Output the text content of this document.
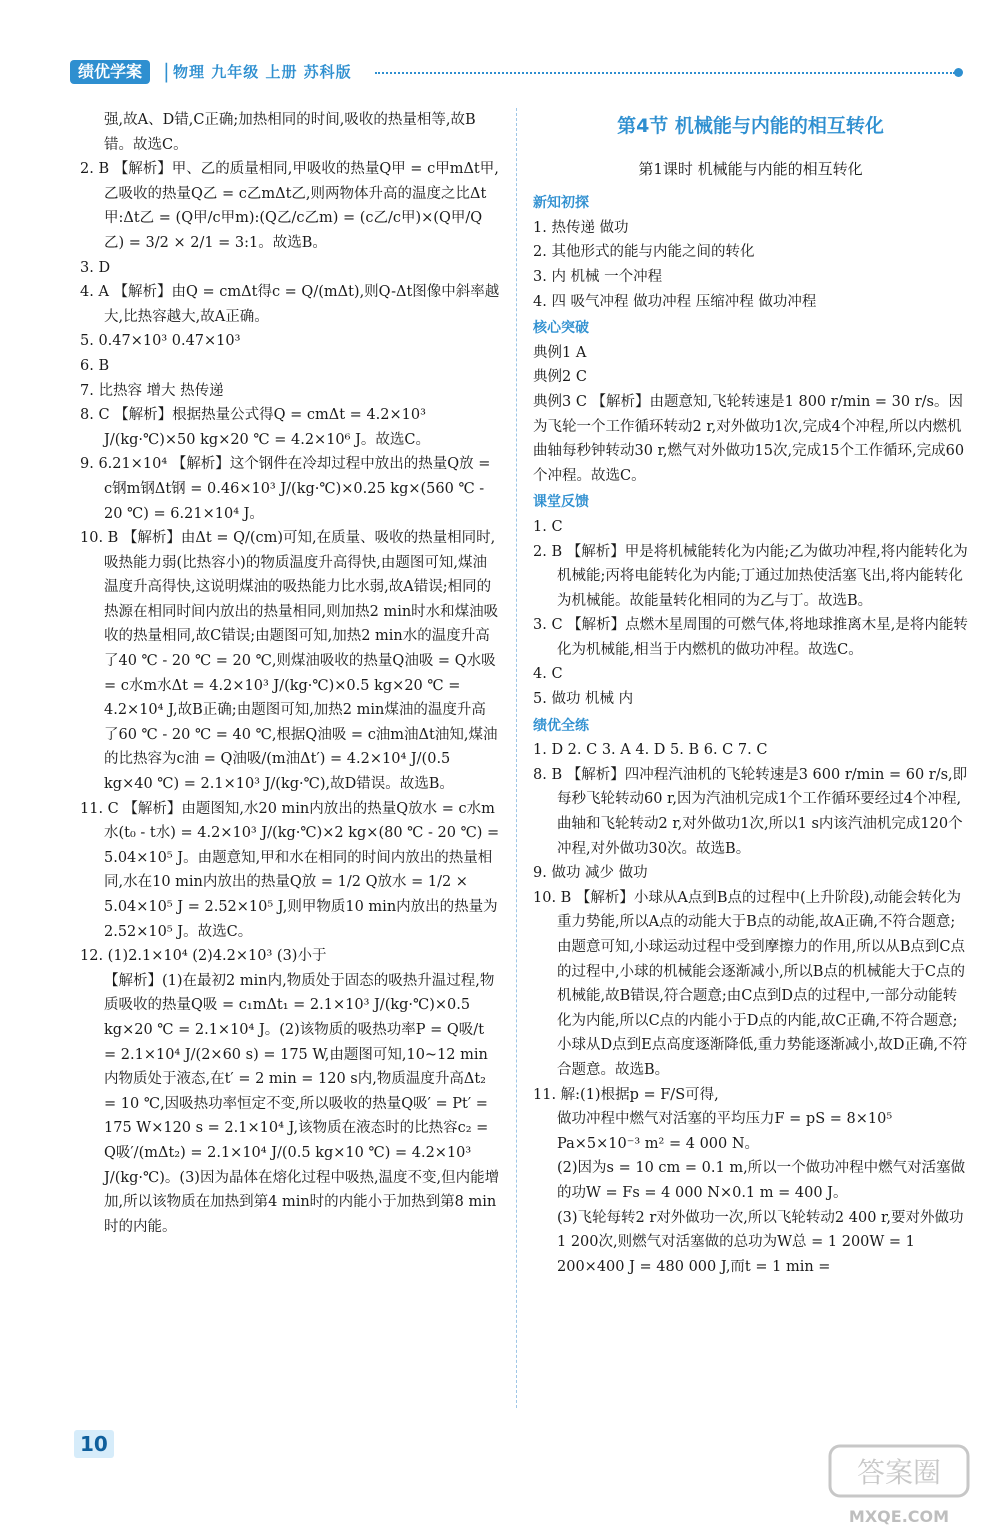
绩优学案	| 物理 九年级 上册 苏科版

强,故A、D错,C正确;加热相同的时间,吸收的热量相等,故B错。故选C。

2. B 【解析】甲、乙的质量相同,甲吸收的热量Q甲 = c甲mΔt甲,乙吸收的热量Q乙 = c乙mΔt乙,则两物体升高的温度之比Δt甲:Δt乙 = (Q甲/c甲m):(Q乙/c乙m) = (c乙/c甲)×(Q甲/Q乙) = 3/2 × 2/1 = 3:1。故选B。

3. D

4. A 【解析】由Q = cmΔt得c = Q/(mΔt),则Q-Δt图像中斜率越大,比热容越大,故A正确。

5. 0.47×10³ 0.47×10³

6. B

7. 比热容 增大 热传递

8. C 【解析】根据热量公式得Q = cmΔt = 4.2×10³ J/(kg·℃)×50 kg×20 ℃ = 4.2×10⁶ J。故选C。

9. 6.21×10⁴ 【解析】这个钢件在冷却过程中放出的热量Q放 = c钢m钢Δt钢 = 0.46×10³ J/(kg·℃)×0.25 kg×(560 ℃ - 20 ℃) = 6.21×10⁴ J。

10. B 【解析】由Δt = Q/(cm)可知,在质量、吸收的热量相同时,吸热能力弱(比热容小)的物质温度升高得快,由题图可知,煤油温度升高得快,这说明煤油的吸热能力比水弱,故A错误;相同的热源在相同时间内放出的热量相同,则加热2 min时水和煤油吸收的热量相同,故C错误;由题图可知,加热2 min水的温度升高了40 ℃ - 20 ℃ = 20 ℃,则煤油吸收的热量Q油吸 = Q水吸 = c水m水Δt = 4.2×10³ J/(kg·℃)×0.5 kg×20 ℃ = 4.2×10⁴ J,故B正确;由题图可知,加热2 min煤油的温度升高了60 ℃ - 20 ℃ = 40 ℃,根据Q油吸 = c油m油Δt油知,煤油的比热容为c油 = Q油吸/(m油Δt′) = 4.2×10⁴ J/(0.5 kg×40 ℃) = 2.1×10³ J/(kg·℃),故D错误。故选B。

11. C 【解析】由题图知,水20 min内放出的热量Q放水 = c水m水(t₀ - t水) = 4.2×10³ J/(kg·℃)×2 kg×(80 ℃ - 20 ℃) = 5.04×10⁵ J。由题意知,甲和水在相同的时间内放出的热量相同,水在10 min内放出的热量Q放 = 1/2 Q放水 = 1/2 × 5.04×10⁵ J = 2.52×10⁵ J,则甲物质10 min内放出的热量为2.52×10⁵ J。故选C。

12. (1)2.1×10⁴ (2)4.2×10³ (3)小于

【解析】(1)在最初2 min内,物质处于固态的吸热升温过程,物质吸收的热量Q吸 = c₁mΔt₁ = 2.1×10³ J/(kg·℃)×0.5 kg×20 ℃ = 2.1×10⁴ J。(2)该物质的吸热功率P = Q吸/t = 2.1×10⁴ J/(2×60 s) = 175 W,由题图可知,10~12 min内物质处于液态,在t′ = 2 min = 120 s内,物质温度升高Δt₂ = 10 ℃,因吸热功率恒定不变,所以吸收的热量Q吸′ = Pt′ = 175 W×120 s = 2.1×10⁴ J,该物质在液态时的比热容c₂ = Q吸′/(mΔt₂) = 2.1×10⁴ J/(0.5 kg×10 ℃) = 4.2×10³ J/(kg·℃)。(3)因为晶体在熔化过程中吸热,温度不变,但内能增加,所以该物质在加热到第4 min时的内能小于加热到第8 min时的内能。

第4节 机械能与内能的相互转化
第1课时 机械能与内能的相互转化

新知初探

1. 热传递 做功

2. 其他形式的能与内能之间的转化

3. 内 机械 一个冲程

4. 四 吸气冲程 做功冲程 压缩冲程 做功冲程

核心突破

典例1 A

典例2 C

典例3 C 【解析】由题意知,飞轮转速是1 800 r/min = 30 r/s。因为飞轮一个工作循环转动2 r,对外做功1次,完成4个冲程,所以内燃机曲轴每秒钟转动30 r,燃气对外做功15次,完成15个工作循环,完成60个冲程。故选C。

课堂反馈

1. C

2. B 【解析】甲是将机械能转化为内能;乙为做功冲程,将内能转化为机械能;丙将电能转化为内能;丁通过加热使活塞飞出,将内能转化为机械能。故能量转化相同的为乙与丁。故选B。

3. C 【解析】点燃木星周围的可燃气体,将地球推离木星,是将内能转化为机械能,相当于内燃机的做功冲程。故选C。

4. C

5. 做功 机械 内

绩优全练

1. D 2. C 3. A 4. D 5. B 6. C 7. C

8. B 【解析】四冲程汽油机的飞轮转速是3 600 r/min = 60 r/s,即每秒飞轮转动60 r,因为汽油机完成1个工作循环要经过4个冲程,曲轴和飞轮转动2 r,对外做功1次,所以1 s内该汽油机完成120个冲程,对外做功30次。故选B。

9. 做功 减少 做功

10. B 【解析】小球从A点到B点的过程中(上升阶段),动能会转化为重力势能,所以A点的动能大于B点的动能,故A正确,不符合题意;由题意可知,小球运动过程中受到摩擦力的作用,所以从B点到C点的过程中,小球的机械能会逐渐减小,所以B点的机械能大于C点的机械能,故B错误,符合题意;由C点到D点的过程中,一部分动能转化为内能,所以C点的内能小于D点的内能,故C正确,不符合题意;小球从D点到E点高度逐渐降低,重力势能逐渐减小,故D正确,不符合题意。故选B。

11. 解:(1)根据p = F/S可得,

做功冲程中燃气对活塞的平均压力F = pS = 8×10⁵ Pa×5×10⁻³ m² = 4 000 N。

(2)因为s = 10 cm = 0.1 m,所以一个做功冲程中燃气对活塞做的功W = Fs = 4 000 N×0.1 m = 400 J。

(3)飞轮每转2 r对外做功一次,所以飞轮转动2 400 r,要对外做功1 200次,则燃气对活塞做的总功为W总 = 1 200W = 1 200×400 J = 480 000 J,而t = 1 min =

10
答案圈
MXQE.COM
